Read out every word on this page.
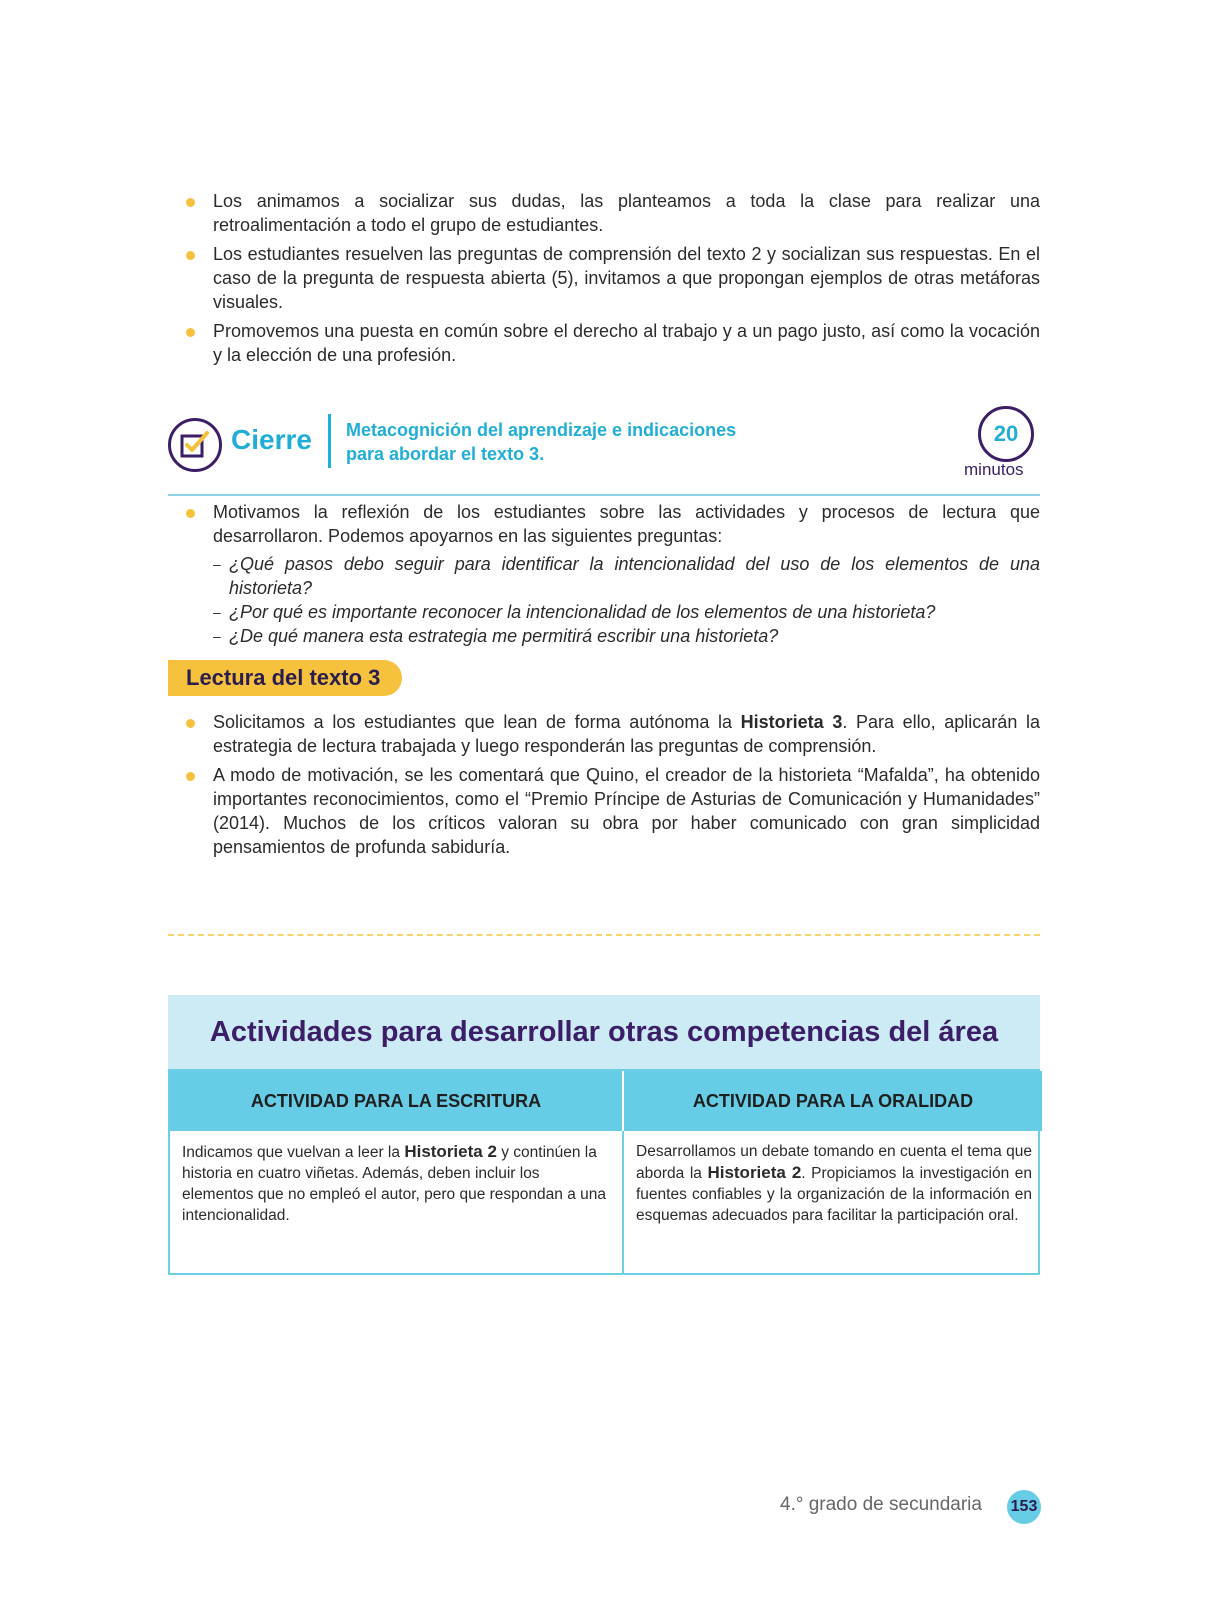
Los animamos a socializar sus dudas, las planteamos a toda la clase para realizar una retroalimentación a todo el grupo de estudiantes.
Los estudiantes resuelven las preguntas de comprensión del texto 2 y socializan sus respuestas. En el caso de la pregunta de respuesta abierta (5), invitamos a que propongan ejemplos de otras metáforas visuales.
Promovemos una puesta en común sobre el derecho al trabajo y a un pago justo, así como la vocación y la elección de una profesión.
Cierre Metacognición del aprendizaje e indicaciones para abordar el texto 3.
20
minutos
Motivamos la reflexión de los estudiantes sobre las actividades y procesos de lectura que desarrollaron. Podemos apoyarnos en las siguientes preguntas:
– ¿Qué pasos debo seguir para identificar la intencionalidad del uso de los elementos de una historieta?
– ¿Por qué es importante reconocer la intencionalidad de los elementos de una historieta?
– ¿De qué manera esta estrategia me permitirá escribir una historieta?
Lectura del texto 3
Solicitamos a los estudiantes que lean de forma autónoma la Historieta 3. Para ello, aplicarán la estrategia de lectura trabajada y luego responderán las preguntas de comprensión.
A modo de motivación, se les comentará que Quino, el creador de la historieta “Mafalda”, ha obtenido importantes reconocimientos, como el “Premio Príncipe de Asturias de Comunicación y Humanidades” (2014). Muchos de los críticos valoran su obra por haber comunicado con gran simplicidad pensamientos de profunda sabiduría.
Actividades para desarrollar otras competencias del área
ACTIVIDAD PARA LA ESCRITURA	ACTIVIDAD PARA LA ORALIDAD
Indicamos que vuelvan a leer la Historieta 2 y continúen la historia en cuatro viñetas. Además, deben incluir los elementos que no empleó el autor, pero que respondan a una intencionalidad.
Desarrollamos un debate tomando en cuenta el tema que aborda la Historieta 2. Propiciamos la investigación en fuentes confiables y la organización de la información en esquemas adecuados para facilitar la participación oral.
4.° grado de secundaria 153
